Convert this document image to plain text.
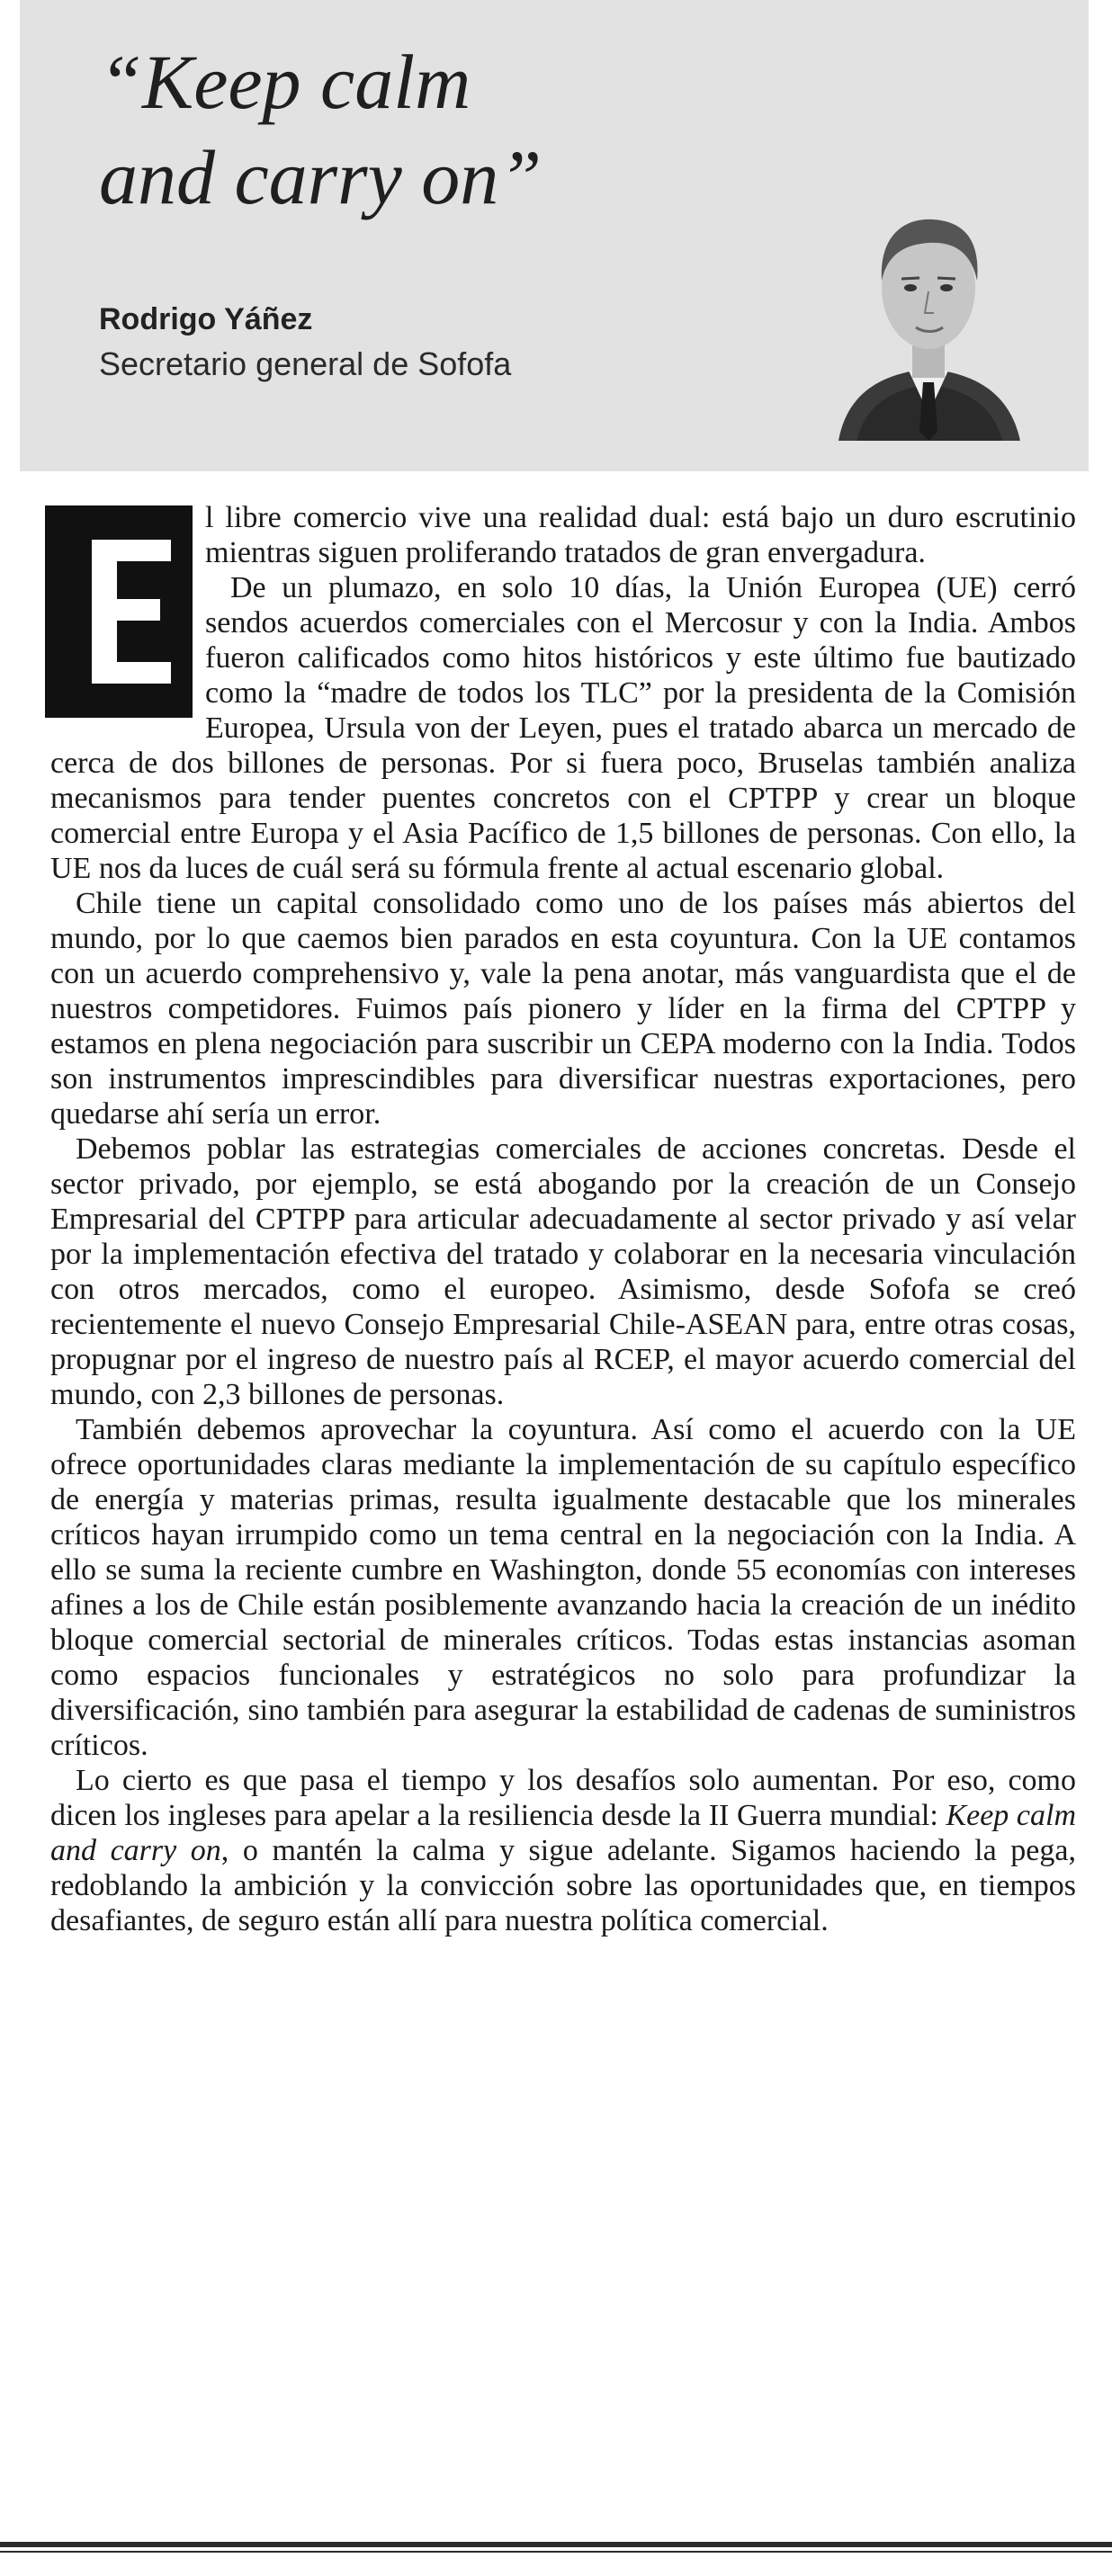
“Keep calm
and carry on”
Rodrigo Yáñez
Secretario general de Sofofa

l libre comercio vive una realidad dual: está bajo un duro escrutinio mientras siguen proliferando tratados de gran envergadura.

De un plumazo, en solo 10 días, la Unión Europea (UE) cerró sendos acuerdos comerciales con el Mercosur y con la India. Ambos fueron calificados como hitos históricos y este último fue bautizado como la “madre de todos los TLC” por la presidenta de la Comisión Europea, Ursula von der Leyen, pues el tratado abarca un mercado de cerca de dos billones de personas. Por si fuera poco, Bruselas también analiza mecanismos para tender puentes concretos con el CPTPP y crear un bloque comercial entre Europa y el Asia Pacífico de 1,5 billones de personas. Con ello, la UE nos da luces de cuál será su fórmula frente al actual escenario global.

Chile tiene un capital consolidado como uno de los países más abiertos del mundo, por lo que caemos bien parados en esta coyuntura. Con la UE contamos con un acuerdo comprehensivo y, vale la pena anotar, más vanguardista que el de nuestros competidores. Fuimos país pionero y líder en la firma del CPTPP y estamos en plena negociación para suscribir un CEPA moderno con la India. Todos son instrumentos imprescindibles para diversificar nuestras exportaciones, pero quedarse ahí sería un error.

Debemos poblar las estrategias comerciales de acciones concretas. Desde el sector privado, por ejemplo, se está abogando por la creación de un Consejo Empresarial del CPTPP para articular adecuadamente al sector privado y así velar por la implementación efectiva del tratado y colaborar en la necesaria vinculación con otros mercados, como el europeo. Asimismo, desde Sofofa se creó recientemente el nuevo Consejo Empresarial Chile-ASEAN para, entre otras cosas, propugnar por el ingreso de nuestro país al RCEP, el mayor acuerdo comercial del mundo, con 2,3 billones de personas.

También debemos aprovechar la coyuntura. Así como el acuerdo con la UE ofrece oportunidades claras mediante la implementación de su capítulo específico de energía y materias primas, resulta igualmente destacable que los minerales críticos hayan irrumpido como un tema central en la negociación con la India. A ello se suma la reciente cumbre en Washington, donde 55 economías con intereses afines a los de Chile están posiblemente avanzando hacia la creación de un inédito bloque comercial sectorial de minerales críticos. Todas estas instancias asoman como espacios funcionales y estratégicos no solo para profundizar la diversificación, sino también para asegurar la estabilidad de cadenas de suministros críticos.

Lo cierto es que pasa el tiempo y los desafíos solo aumentan. Por eso, como dicen los ingleses para apelar a la resiliencia desde la II Guerra mundial: Keep calm and carry on, o mantén la calma y sigue adelante. Sigamos haciendo la pega, redoblando la ambición y la convicción sobre las oportunidades que, en tiempos desafiantes, de seguro están allí para nuestra política comercial.
